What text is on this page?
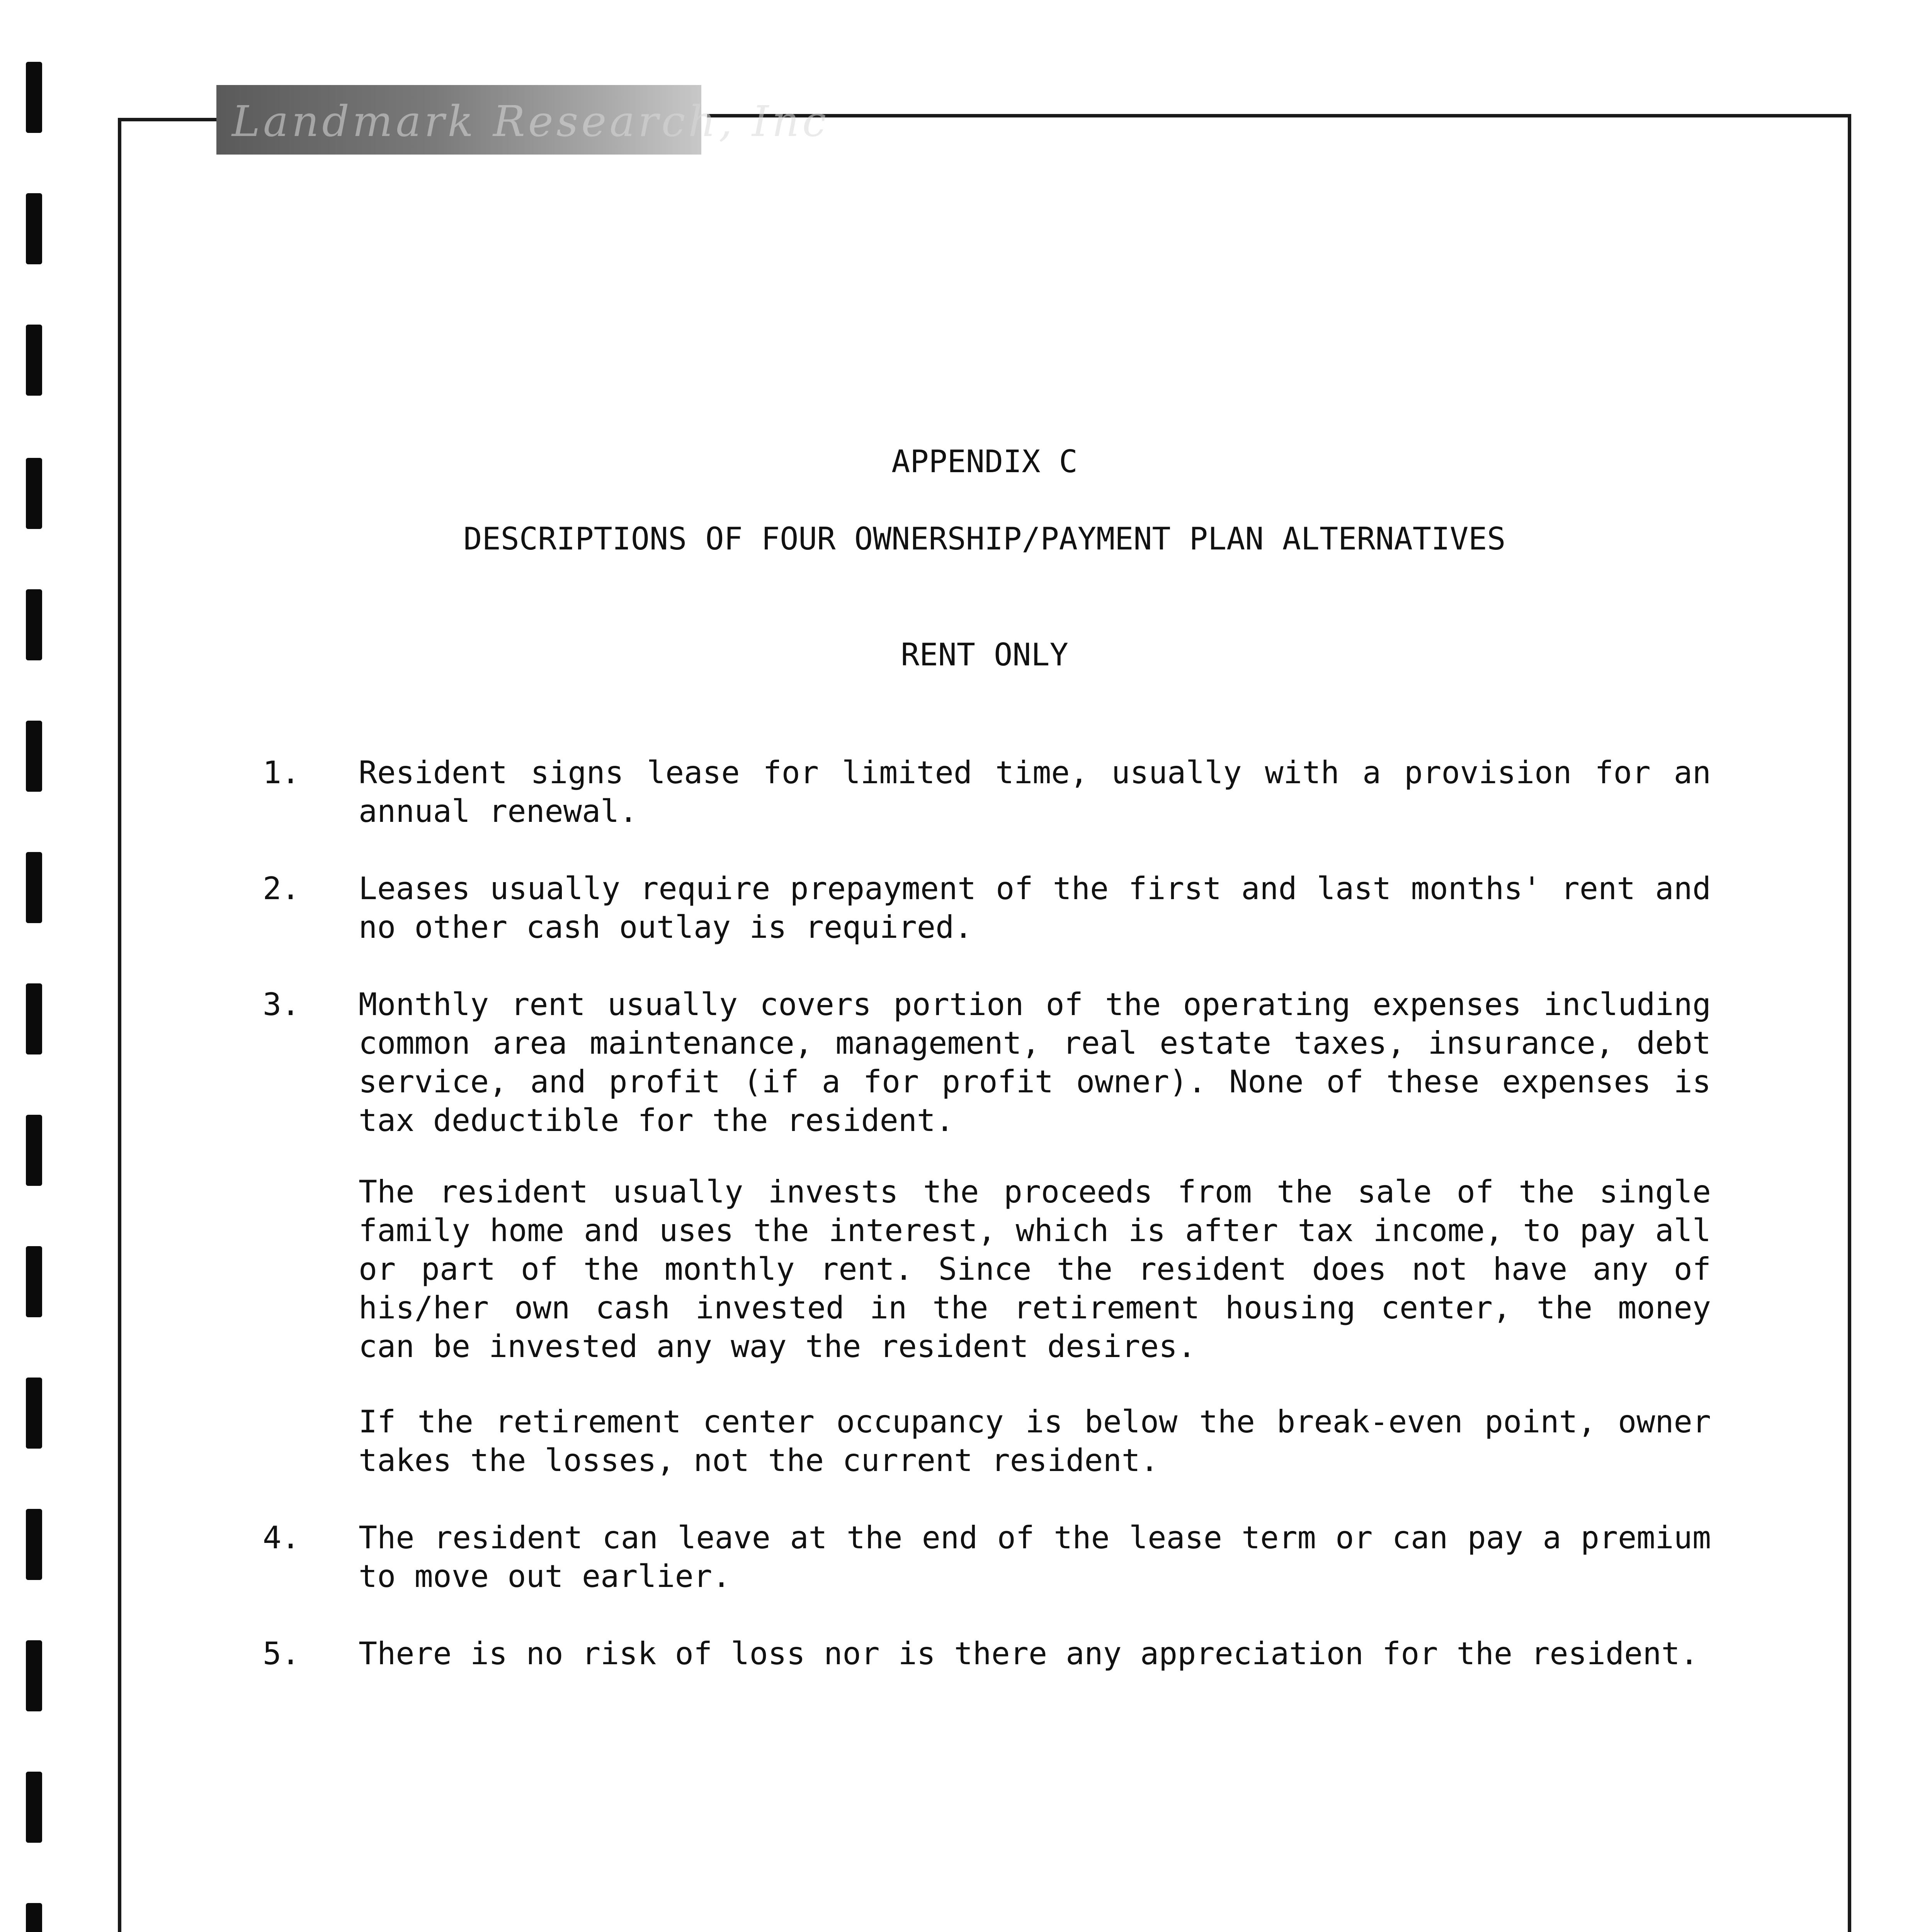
Landmark Research, Inc
APPENDIX C
DESCRIPTIONS OF FOUR OWNERSHIP/PAYMENT PLAN ALTERNATIVES
RENT ONLY
1. Resident signs lease for limited time, usually with a provision for an annual renewal.
2. Leases usually require prepayment of the first and last months' rent and no other cash outlay is required.
3. Monthly rent usually covers portion of the operating expenses including common area maintenance, management, real estate taxes, insurance, debt service, and profit (if a for profit owner). None of these expenses is tax deductible for the resident.
The resident usually invests the proceeds from the sale of the single family home and uses the interest, which is after tax income, to pay all or part of the monthly rent. Since the resident does not have any of his/her own cash invested in the retirement housing center, the money can be invested any way the resident desires.
If the retirement center occupancy is below the break-even point, owner takes the losses, not the current resident.
4. The resident can leave at the end of the lease term or can pay a premium to move out earlier.
5. There is no risk of loss nor is there any appreciation for the resident.
